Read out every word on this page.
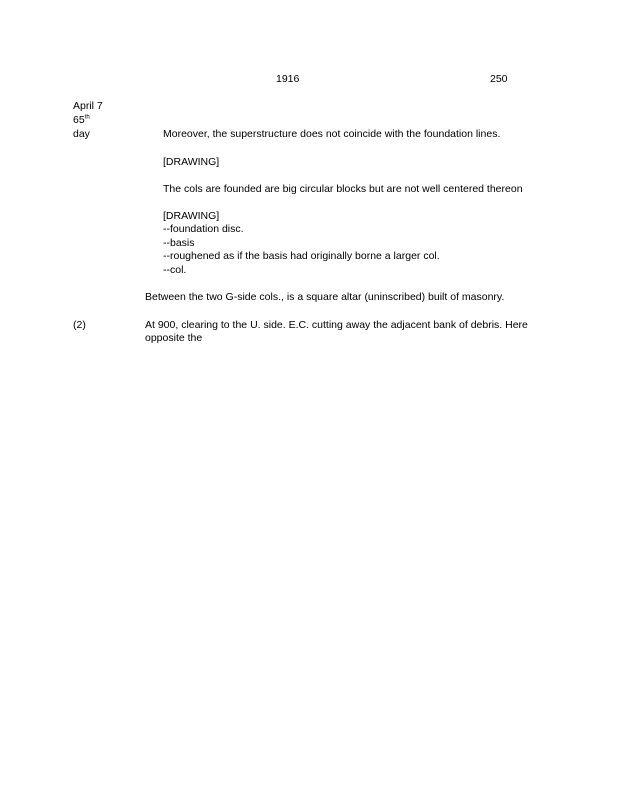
1916	250
April 7
65th
day	Moreover, the superstructure does not coincide with the foundation lines.
[DRAWING]
The cols are founded are big circular blocks but are not well centered thereon
[DRAWING]
--foundation disc.
--basis
--roughened as if the basis had originally borne a larger col.
--col.
Between the two G-side cols., is a square altar (uninscribed) built of masonry.
(2)	At 900, clearing to the U. side. E.C. cutting away the adjacent bank of debris. Here
opposite the
